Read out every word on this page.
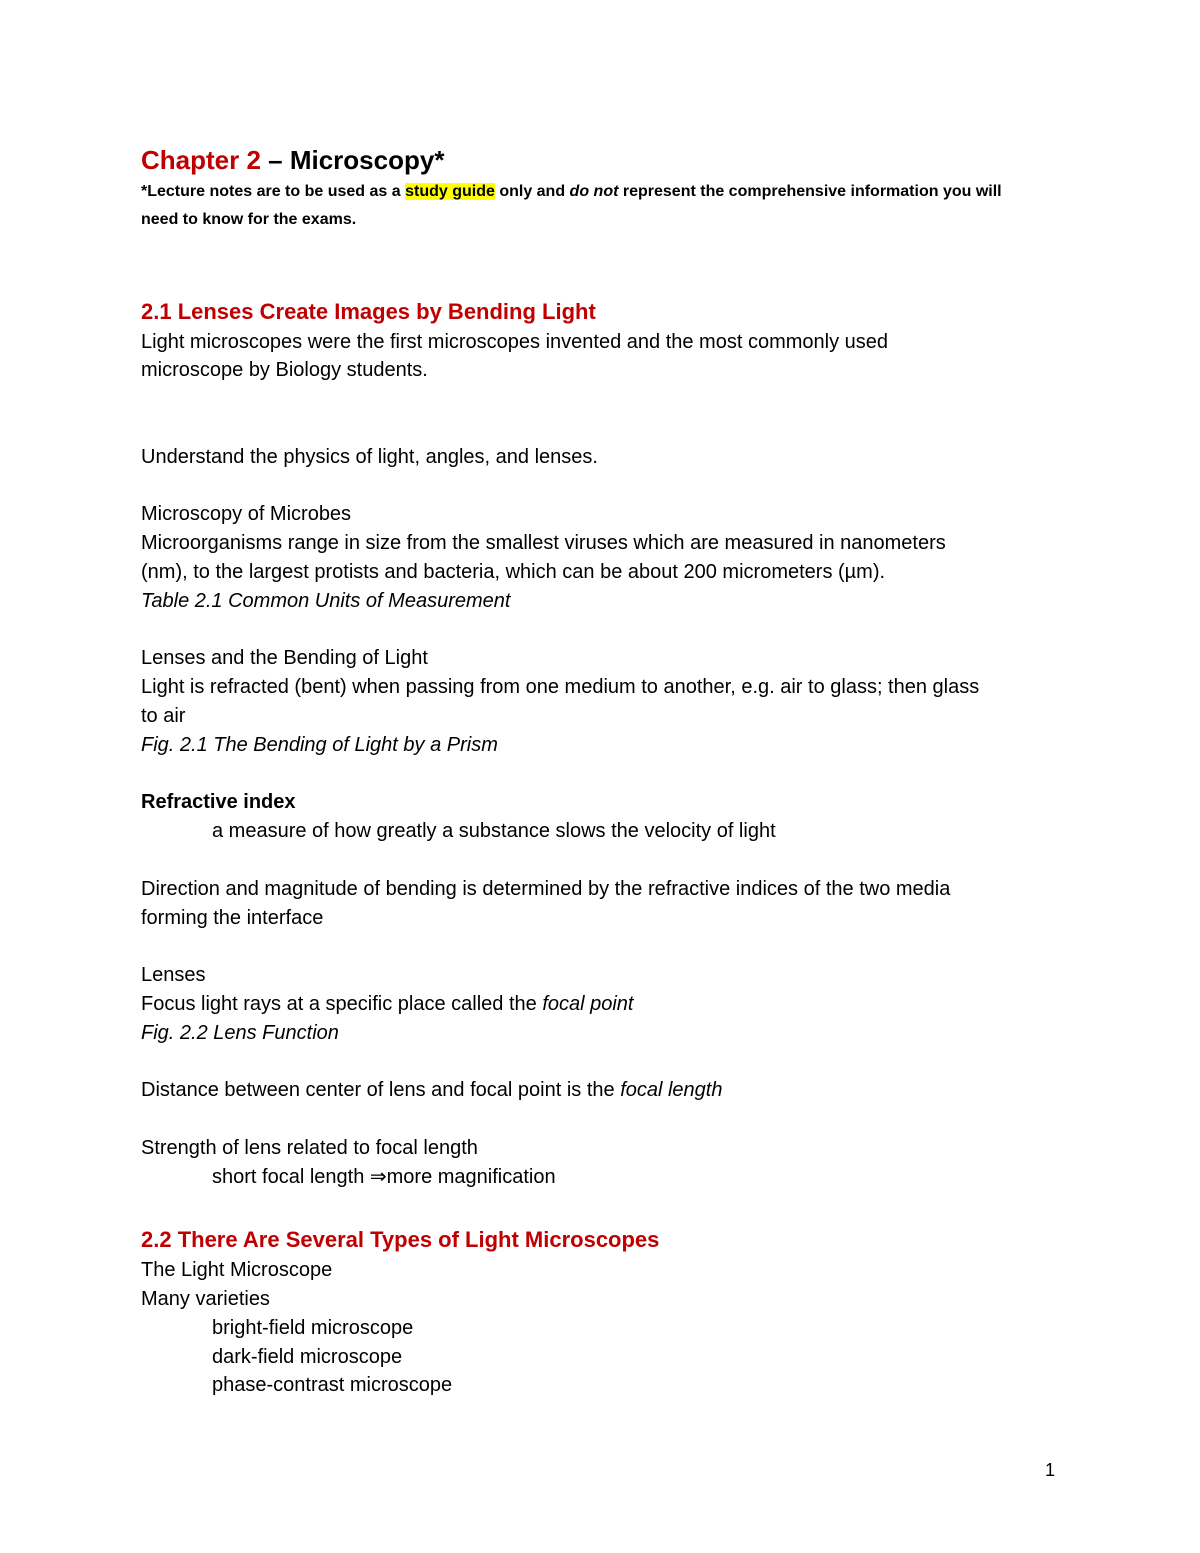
Chapter 2 – Microscopy*
*Lecture notes are to be used as a study guide only and do not represent the comprehensive information you will
need to know for the exams.
2.1 Lenses Create Images by Bending Light
Light microscopes were the first microscopes invented and the most commonly used
microscope by Biology students.
Understand the physics of light, angles, and lenses.
Microscopy of Microbes
Microorganisms range in size from the smallest viruses which are measured in nanometers
(nm), to the largest protists and bacteria, which can be about 200 micrometers (µm).
Table 2.1 Common Units of Measurement
Lenses and the Bending of Light
Light is refracted (bent) when passing from one medium to another, e.g. air to glass; then glass
to air
Fig. 2.1 The Bending of Light by a Prism
Refractive index
a measure of how greatly a substance slows the velocity of light
Direction and magnitude of bending is determined by the refractive indices of the two media
forming the interface
Lenses
Focus light rays at a specific place called the focal point
Fig. 2.2 Lens Function
Distance between center of lens and focal point is the focal length
Strength of lens related to focal length
short focal length ⇒more magnification
2.2 There Are Several Types of Light Microscopes
The Light Microscope
Many varieties
bright-field microscope
dark-field microscope
phase-contrast microscope
1
